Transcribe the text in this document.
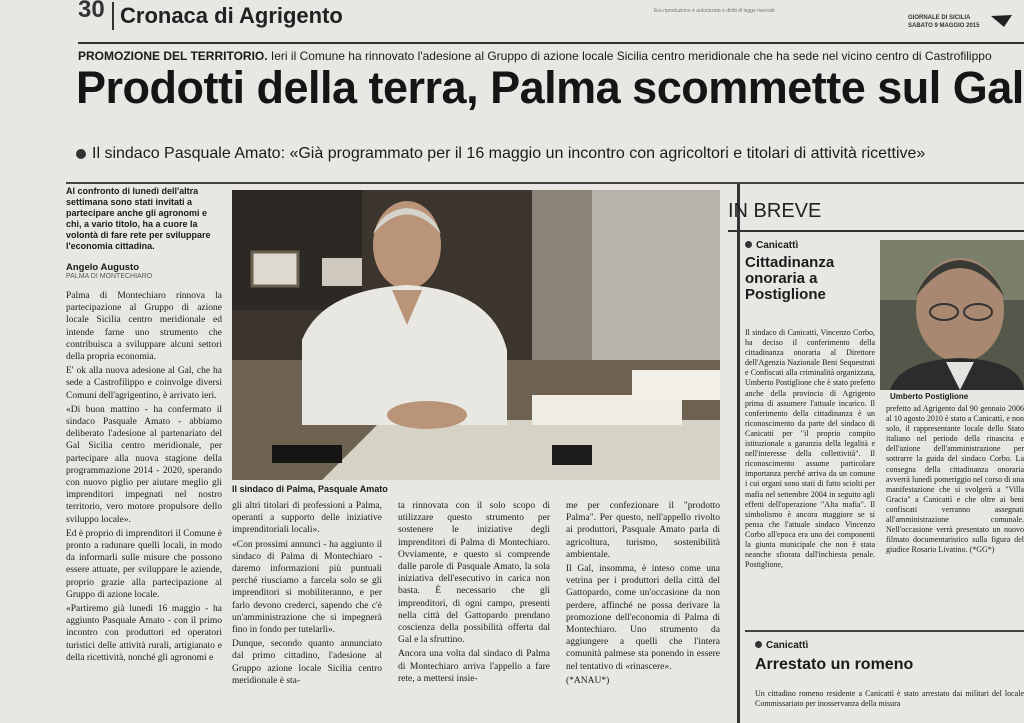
30 Cronaca di Agrigento	Era riproduzione è autorizzata e diritti di legge riservati
GIORNALE DI SICILIA
SABATO 9 MAGGIO 2015
PROMOZIONE DEL TERRITORIO. Ieri il Comune ha rinnovato l'adesione al Gruppo di azione locale Sicilia centro meridionale che ha sede nel vicino centro di Castrofilippo
Prodotti della terra, Palma scommette sul Gal
Il sindaco Pasquale Amato: «Già programmato per il 16 maggio un incontro con agricoltori e titolari di attività ricettive»
Al confronto di lunedì dell'altra settimana sono stati invitati a partecipare anche gli agronomi e chi, a vario titolo, ha a cuore la volontà di fare rete per sviluppare l'economia cittadina.
Angelo Augusto
PALMA DI MONTECHIARO

Palma di Montechiaro rinnova la partecipazione al Gruppo di azione locale Sicilia centro meridionale ed intende farne uno strumento che contribuisca a sviluppare alcuni settori della propria economia.

E' ok alla nuova adesione al Gal, che ha sede a Castrofilippo e coinvolge diversi Comuni dell'agrigentino, è arrivato ieri.

«Di buon mattino - ha confermato il sindaco Pasquale Amato - abbiamo deliberato l'adesione al partenariato del Gal Sicilia centro meridionale, per partecipare alla nuova stagione della programmazione 2014 - 2020, sperando con nuovo piglio per aiutare meglio gli imprenditori impegnati nel nostro territorio, vero motore propulsore dello sviluppo locale».

Ed è proprio di imprenditori il Comune è pronto a radunare quelli locali, in modo da informarli sulle misure che possono essere attuate, per sviluppare le aziende, proprio grazie alla partecipazione al Gruppo di azione locale.

«Partiremo già lunedì 16 maggio - ha aggiunto Pasquale Amato - con il primo incontro con produttori ed operatori turistici delle attività rurali, artigianato e della ricettività, nonché gli agronomi e

Il sindaco di Palma, Pasquale Amato

gli altri titolari di professioni a Palma, operanti a supporto delle iniziative imprenditoriali locali».

«Con prossimi annunci - ha aggiunto il sindaco di Palma di Montechiaro - daremo informazioni più puntuali perché riusciamo a farcela solo se gli imprenditori si mobiliteranno, e per farlo devono crederci, sapendo che c'è un'amministrazione che si impegnerà fino in fondo per tutelarli».

Dunque, secondo quanto annunciato dal primo cittadino, l'adesione al Gruppo azione locale Sicilia centro meridionale è sta-

ta rinnovata con il solo scopo di utilizzare questo strumento per sostenere le iniziative degli imprenditori di Palma di Montechiaro. Ovviamente, e questo si comprende dalle parole di Pasquale Amato, la sola iniziativa dell'esecutivo in carica non basta. È necessario che gli imprenditori, di ogni campo, presenti nella città del Gattopardo prendano coscienza della possibilità offerta dal Gal e la sfruttino.

Ancora una volta dal sindaco di Palma di Montechiaro arriva l'appello a fare rete, a mettersi insie-

me per confezionare il "prodotto Palma". Per questo, nell'appello rivolto ai produttori, Pasquale Amato parla di agricoltura, turismo, sostenibilità ambientale.

Il Gal, insomma, è inteso come una vetrina per i produttori della città del Gattopardo, come un'occasione da non perdere, affinché ne possa derivare la promozione dell'economia di Palma di Montechiaro. Uno strumento da aggiungere a quelli che l'intera comunità palmese sta ponendo in essere nel tentativo di «rinascere».

(*ANAU*)

IN BREVE
Canicattì
Cittadinanza onoraria a Postiglione
Umberto Postiglione
Il sindaco di Canicattì, Vincenzo Corbo, ha deciso il conferimento della cittadinanza onoraria al Direttore dell'Agenzia Nazionale Beni Sequestrati e Confiscati alla criminalità organizzata, Umberto Postiglione che è stato prefetto anche della provincia di Agrigento prima di assumere l'attuale incarico. Il conferimento della cittadinanza è un riconoscimento da parte del sindaco di Canicattì per "il proprio compito istituzionale a garanzia della legalità e nell'interesse della collettività". Il riconoscimento assume particolare importanza perché arriva da un comune i cui organi sono stati di fatto sciolti per mafia nel settembre 2004 in seguito agli effetti dell'operazione "Alta mafia". Il simbolismo è ancora maggiore se si pensa che l'attuale sindaco Vincenzo Corbo all'epoca era uno dei componenti la giunta municipale che non è stata neanche sfiorata dall'inchiesta penale. Postiglione,
prefetto ad Agrigento dal 90 gennaio 2006 al 10 agosto 2010 è stato a Canicattì, e non solo, il rappresentante locale dello Stato italiano nel periodo della rinascita e dell'azione dell'amministrazione per sottrarre la guida del sindaco Corbo. La consegna della cittadinanza onoraria avverrà lunedì pomeriggio nel corso di una manifestazione che si svolgerà a "Villa Gracia" a Canicattì e che oltre ai beni confiscati verranno assegnati all'amministrazione comunale. Nell'occasione verrà presentato un nuovo filmato documentaristico sulla figura del giudice Rosario Livatino. (*GG*)
Canicattì
Arrestato un romeno
Un cittadino romeno residente a Canicattì è stato arrestato dai militari del locale Commissariato per inosservanza della misura
